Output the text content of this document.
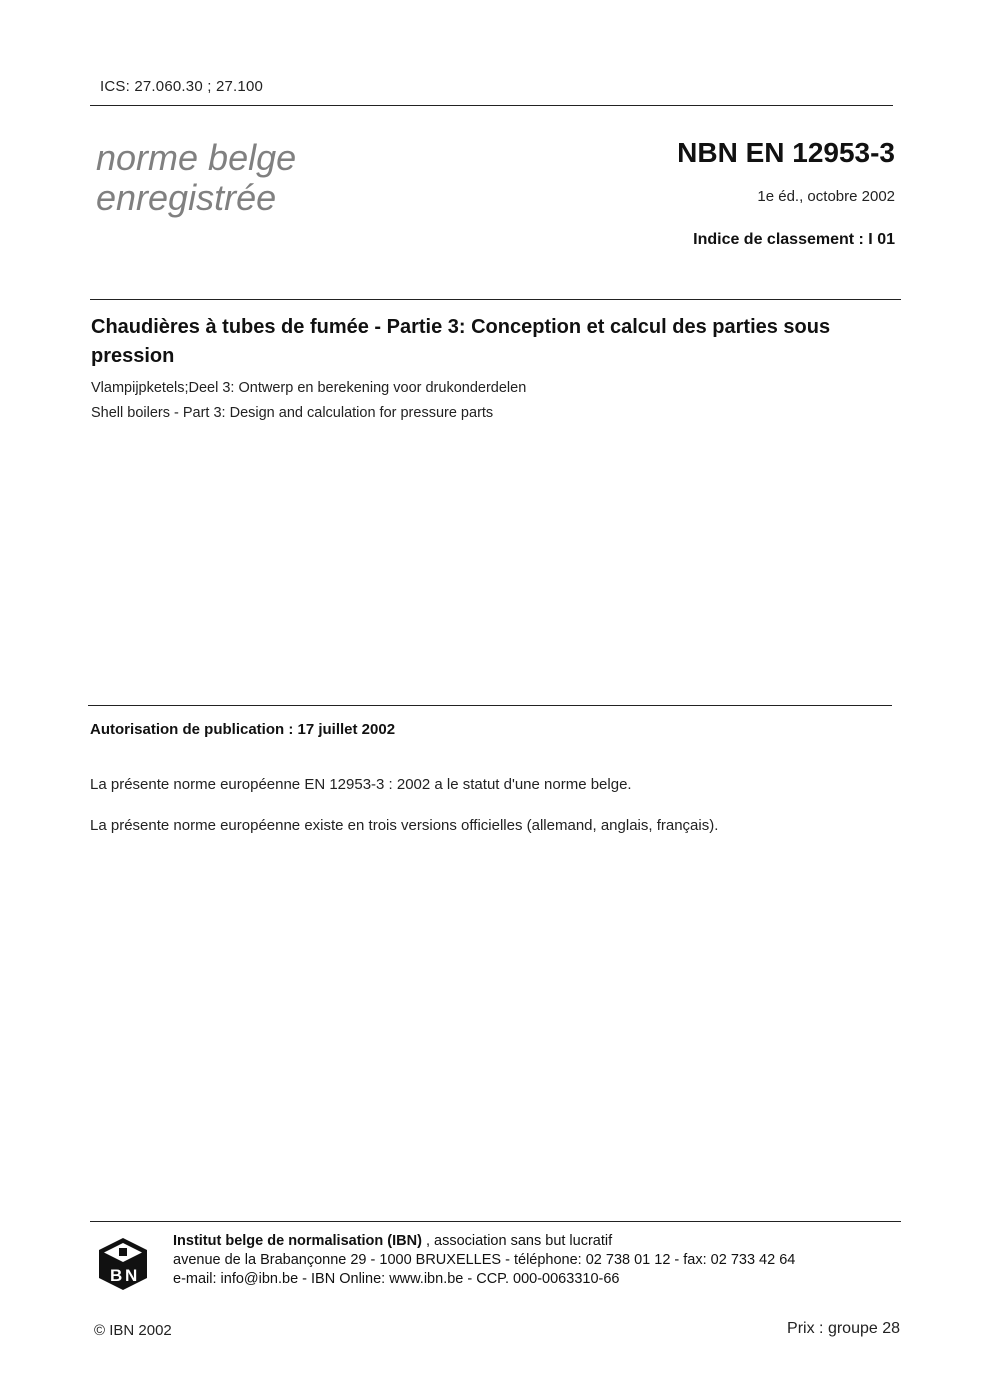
ICS: 27.060.30 ; 27.100
norme belge
enregistrée
NBN EN 12953-3
1e éd., octobre 2002
Indice de classement : I 01
Chaudières à tubes de fumée - Partie 3: Conception et calcul des parties sous pression
Vlampijpketels;Deel 3: Ontwerp en berekening voor drukonderdelen
Shell boilers - Part 3: Design and calculation for pressure parts
Autorisation de publication : 17 juillet 2002
La présente norme européenne EN 12953-3 : 2002 a le statut d'une norme belge.
La présente norme européenne existe en trois versions officielles (allemand, anglais, français).
B N
Institut belge de normalisation (IBN) , association sans but lucratif
avenue de la Brabançonne 29 - 1000 BRUXELLES - téléphone: 02 738 01 12 - fax: 02 733 42 64
e-mail: info@ibn.be - IBN Online: www.ibn.be - CCP. 000-0063310-66
© IBN 2002	Prix : groupe 28
